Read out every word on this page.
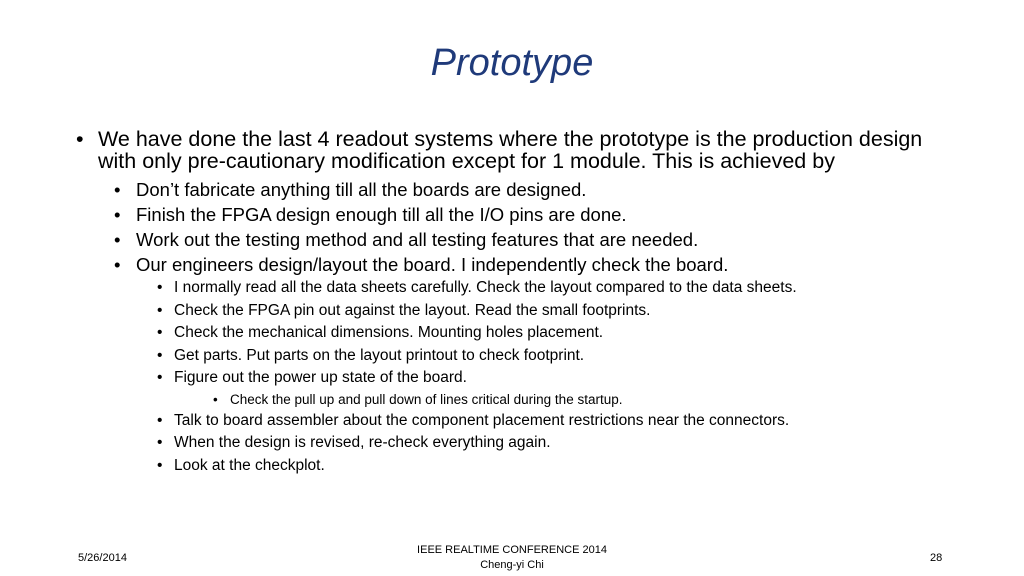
Prototype
• We have done the last 4 readout systems where the prototype is the production design with only pre-cautionary modification except for 1 module. This is achieved by
• Don’t fabricate anything till all the boards are designed.
• Finish the FPGA design enough till all the I/O pins are done.
• Work out the testing method and all testing features that are needed.
• Our engineers design/layout the board. I independently check the board.
• I normally read all the data sheets carefully. Check the layout compared to the data sheets.
• Check the FPGA pin out against the layout. Read the small footprints.
• Check the mechanical dimensions. Mounting holes placement.
• Get parts. Put parts on the layout printout to check footprint.
• Figure out the power up state of the board.
• Check the pull up and pull down of lines critical during the startup.
• Talk to board assembler about the component placement restrictions near the connectors.
• When the design is revised, re-check everything again.
• Look at the checkplot.
5/26/2014
IEEE REALTIME CONFERENCE 2014
Cheng-yi Chi
28
